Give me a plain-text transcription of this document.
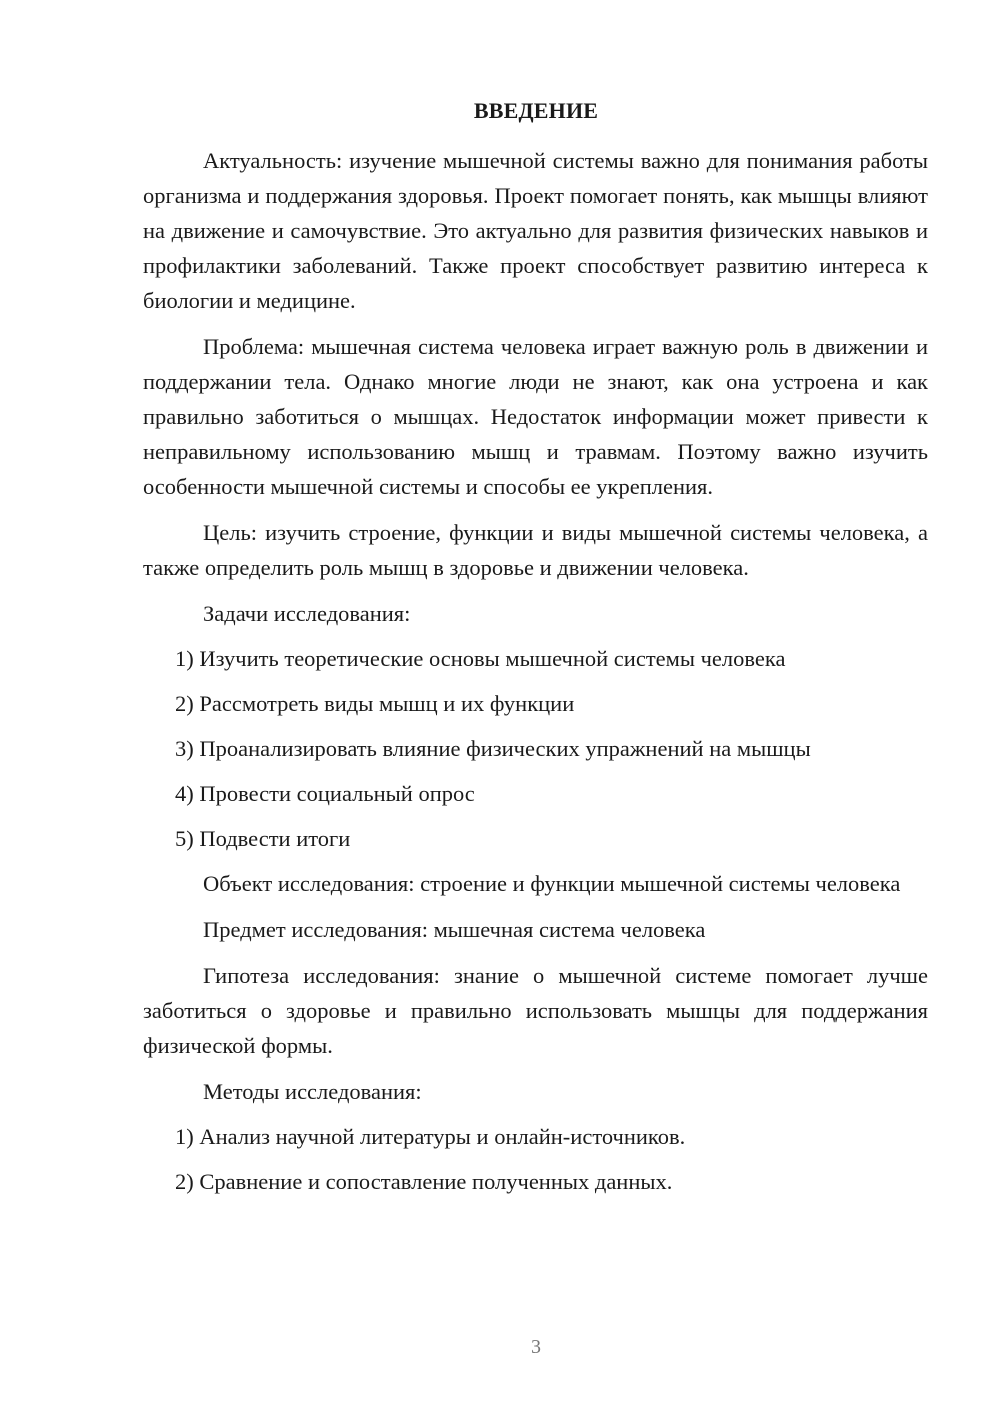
ВВЕДЕНИЕ

Актуальность: изучение мышечной системы важно для понимания работы организма и поддержания здоровья. Проект помогает понять, как мышцы влияют на движение и самочувствие. Это актуально для развития физических навыков и профилактики заболеваний. Также проект способствует развитию интереса к биологии и медицине.

Проблема: мышечная система человека играет важную роль в движении и поддержании тела. Однако многие люди не знают, как она устроена и как правильно заботиться о мышцах. Недостаток информации может привести к неправильному использованию мышц и травмам. Поэтому важно изучить особенности мышечной системы и способы ее укрепления.

Цель: изучить строение, функции и виды мышечной системы человека, а также определить роль мышц в здоровье и движении человека.

Задачи исследования:
1) Изучить теоретические основы мышечной системы человека
2) Рассмотреть виды мышц и их функции
3) Проанализировать влияние физических упражнений на мышцы
4) Провести социальный опрос
5) Подвести итоги

Объект исследования: строение и функции мышечной системы человека

Предмет исследования: мышечная система человека

Гипотеза исследования: знание о мышечной системе помогает лучше заботиться о здоровье и правильно использовать мышцы для поддержания физической формы.

Методы исследования:
1) Анализ научной литературы и онлайн-источников.
2) Сравнение и сопоставление полученных данных.
3
